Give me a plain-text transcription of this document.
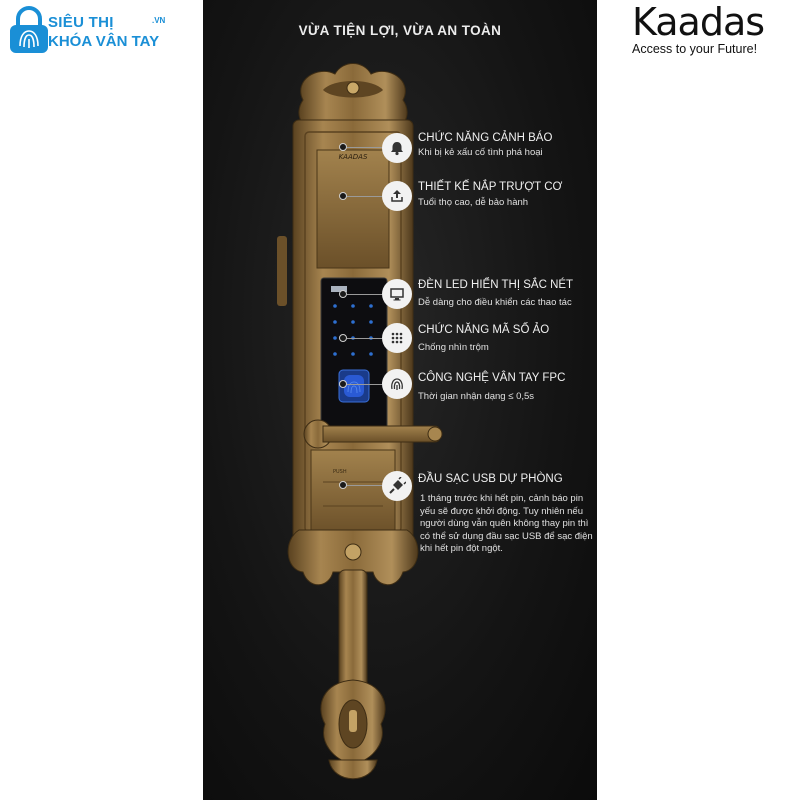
SIÊU THỊ	.VN
KHÓA VÂN TAY	Kaadas
Access to your Future!
VỪA TIỆN LỢI, VỪA AN TOÀN
KAADAS
PUSH
CHỨC NĂNG CẢNH BÁO
Khi bị kẻ xấu cố tình phá hoại
THIẾT KẾ NẮP TRƯỢT CƠ
Tuổi thọ cao, dễ bảo hành
ĐÈN LED HIỂN THỊ SẮC NÉT
Dễ dàng cho điều khiển các thao tác
CHỨC NĂNG MÃ SỐ ẢO
Chống nhìn trộm
CÔNG NGHỆ VÂN TAY FPC
Thời gian nhận dạng ≤ 0,5s
ĐẦU SẠC USB DỰ PHÒNG
1 tháng trước khi hết pin, cảnh báo pin yếu sẽ được khởi động. Tuy nhiên nếu người dùng vẫn quên không thay pin thì có thể sử dụng đầu sạc USB để sạc điện khi hết pin đột ngột.
